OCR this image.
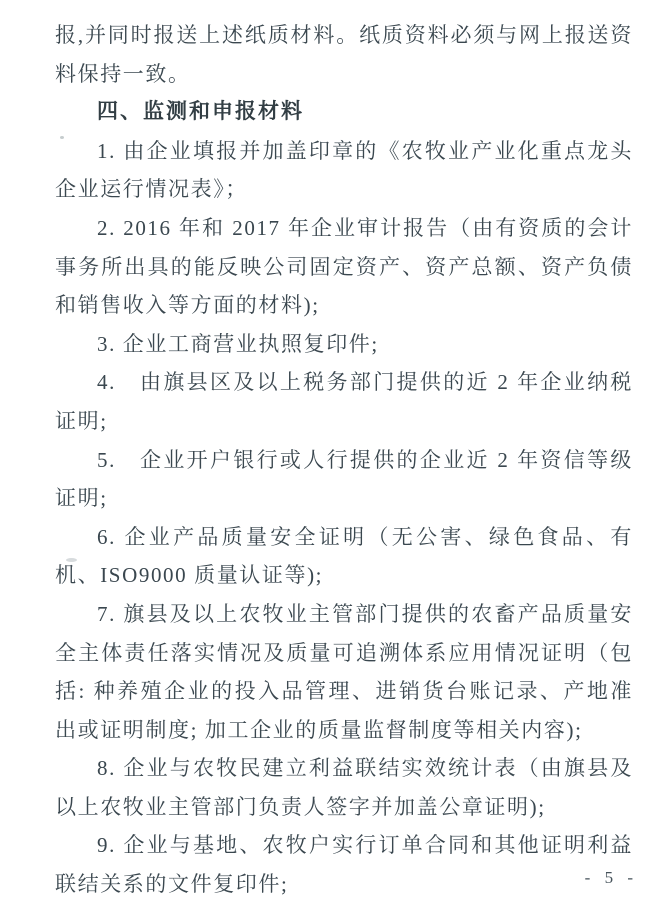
报,并同时报送上述纸质材料。纸质资料必须与网上报送资料保持一致。

四、监测和申报材料

1. 由企业填报并加盖印章的《农牧业产业化重点龙头企业运行情况表》；

2. 2016 年和 2017 年企业审计报告（由有资质的会计事务所出具的能反映公司固定资产、资产总额、资产负债和销售收入等方面的材料);

3. 企业工商营业执照复印件;

4.　由旗县区及以上税务部门提供的近 2 年企业纳税证明;

5.　企业开户银行或人行提供的企业近 2 年资信等级证明;

6. 企业产品质量安全证明（无公害、绿色食品、有机、ISO9000 质量认证等);

7. 旗县及以上农牧业主管部门提供的农畜产品质量安全主体责任落实情况及质量可追溯体系应用情况证明（包括: 种养殖企业的投入品管理、进销货台账记录、产地准出或证明制度; 加工企业的质量监督制度等相关内容);

8. 企业与农牧民建立利益联结实效统计表（由旗县及以上农牧业主管部门负责人签字并加盖公章证明);

9. 企业与基地、农牧户实行订单合同和其他证明利益联结关系的文件复印件;	- 5 -
